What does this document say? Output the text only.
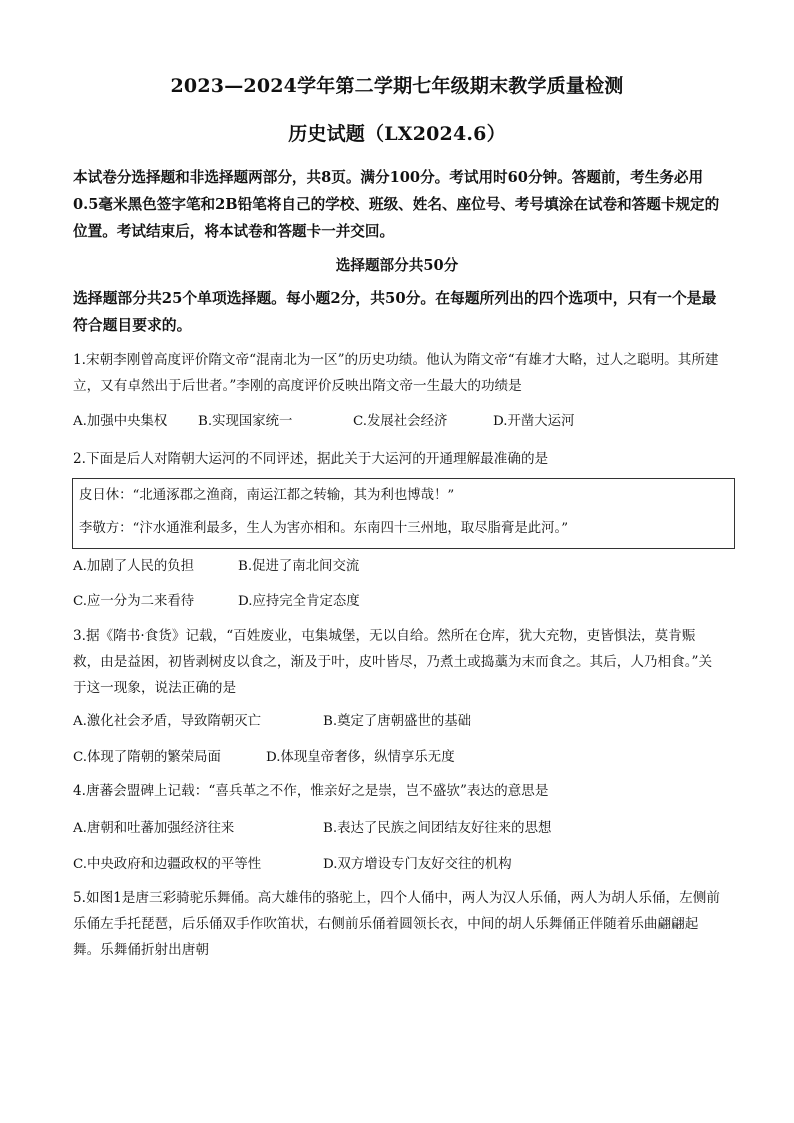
2023—2024学年第二学期七年级期末教学质量检测
历史试题（LX2024.6）
本试卷分选择题和非选择题两部分，共8页。满分100分。考试用时60分钟。答题前，考生务必用0.5毫米黑色签字笔和2B铅笔将自己的学校、班级、姓名、座位号、考号填涂在试卷和答题卡规定的位置。考试结束后，将本试卷和答题卡一并交回。
选择题部分共50分
选择题部分共25个单项选择题。每小题2分，共50分。在每题所列出的四个选项中，只有一个是最符合题目要求的。
1.宋朝李刚曾高度评价隋文帝“混南北为一区”的历史功绩。他认为隋文帝“有雄才大略，过人之聪明。其所建立，又有卓然出于后世者。”李刚的高度评价反映出隋文帝一生最大的功绩是
A.加强中央集权 B.实现国家统一	C.发展社会经济	D.开凿大运河
2.下面是后人对隋朝大运河的不同评述，据此关于大运河的开通理解最准确的是
皮日休：“北通涿郡之渔商，南运江都之转输，其为利也博哉！”
李敬方：“汴水通淮利最多，生人为害亦相和。东南四十三州地，取尽脂膏是此河。”
A.加剧了人民的负担	B.促进了南北间交流
C.应一分为二来看待	D.应持完全肯定态度
3.据《隋书·食货》记载，“百姓废业，屯集城堡，无以自给。然所在仓库，犹大充物，吏皆惧法，莫肯赈救，由是益困，初皆剥树皮以食之，渐及于叶，皮叶皆尽，乃煮土或捣藁为末而食之。其后，人乃相食。”关于这一现象，说法正确的是
A.激化社会矛盾，导致隋朝灭亡	B.奠定了唐朝盛世的基础
C.体现了隋朝的繁荣局面	D.体现皇帝奢侈，纵情享乐无度
4.唐蕃会盟碑上记载：“喜兵革之不作，惟亲好之是崇，岂不盛欤”表达的意思是
A.唐朝和吐蕃加强经济往来	B.表达了民族之间团结友好往来的思想
C.中央政府和边疆政权的平等性	D.双方增设专门友好交往的机构
5.如图1是唐三彩骑驼乐舞俑。高大雄伟的骆驼上，四个人俑中，两人为汉人乐俑，两人为胡人乐俑，左侧前乐俑左手托琵琶，后乐俑双手作吹笛状，右侧前乐俑着圆领长衣，中间的胡人乐舞俑正伴随着乐曲翩翩起舞。乐舞俑折射出唐朝
